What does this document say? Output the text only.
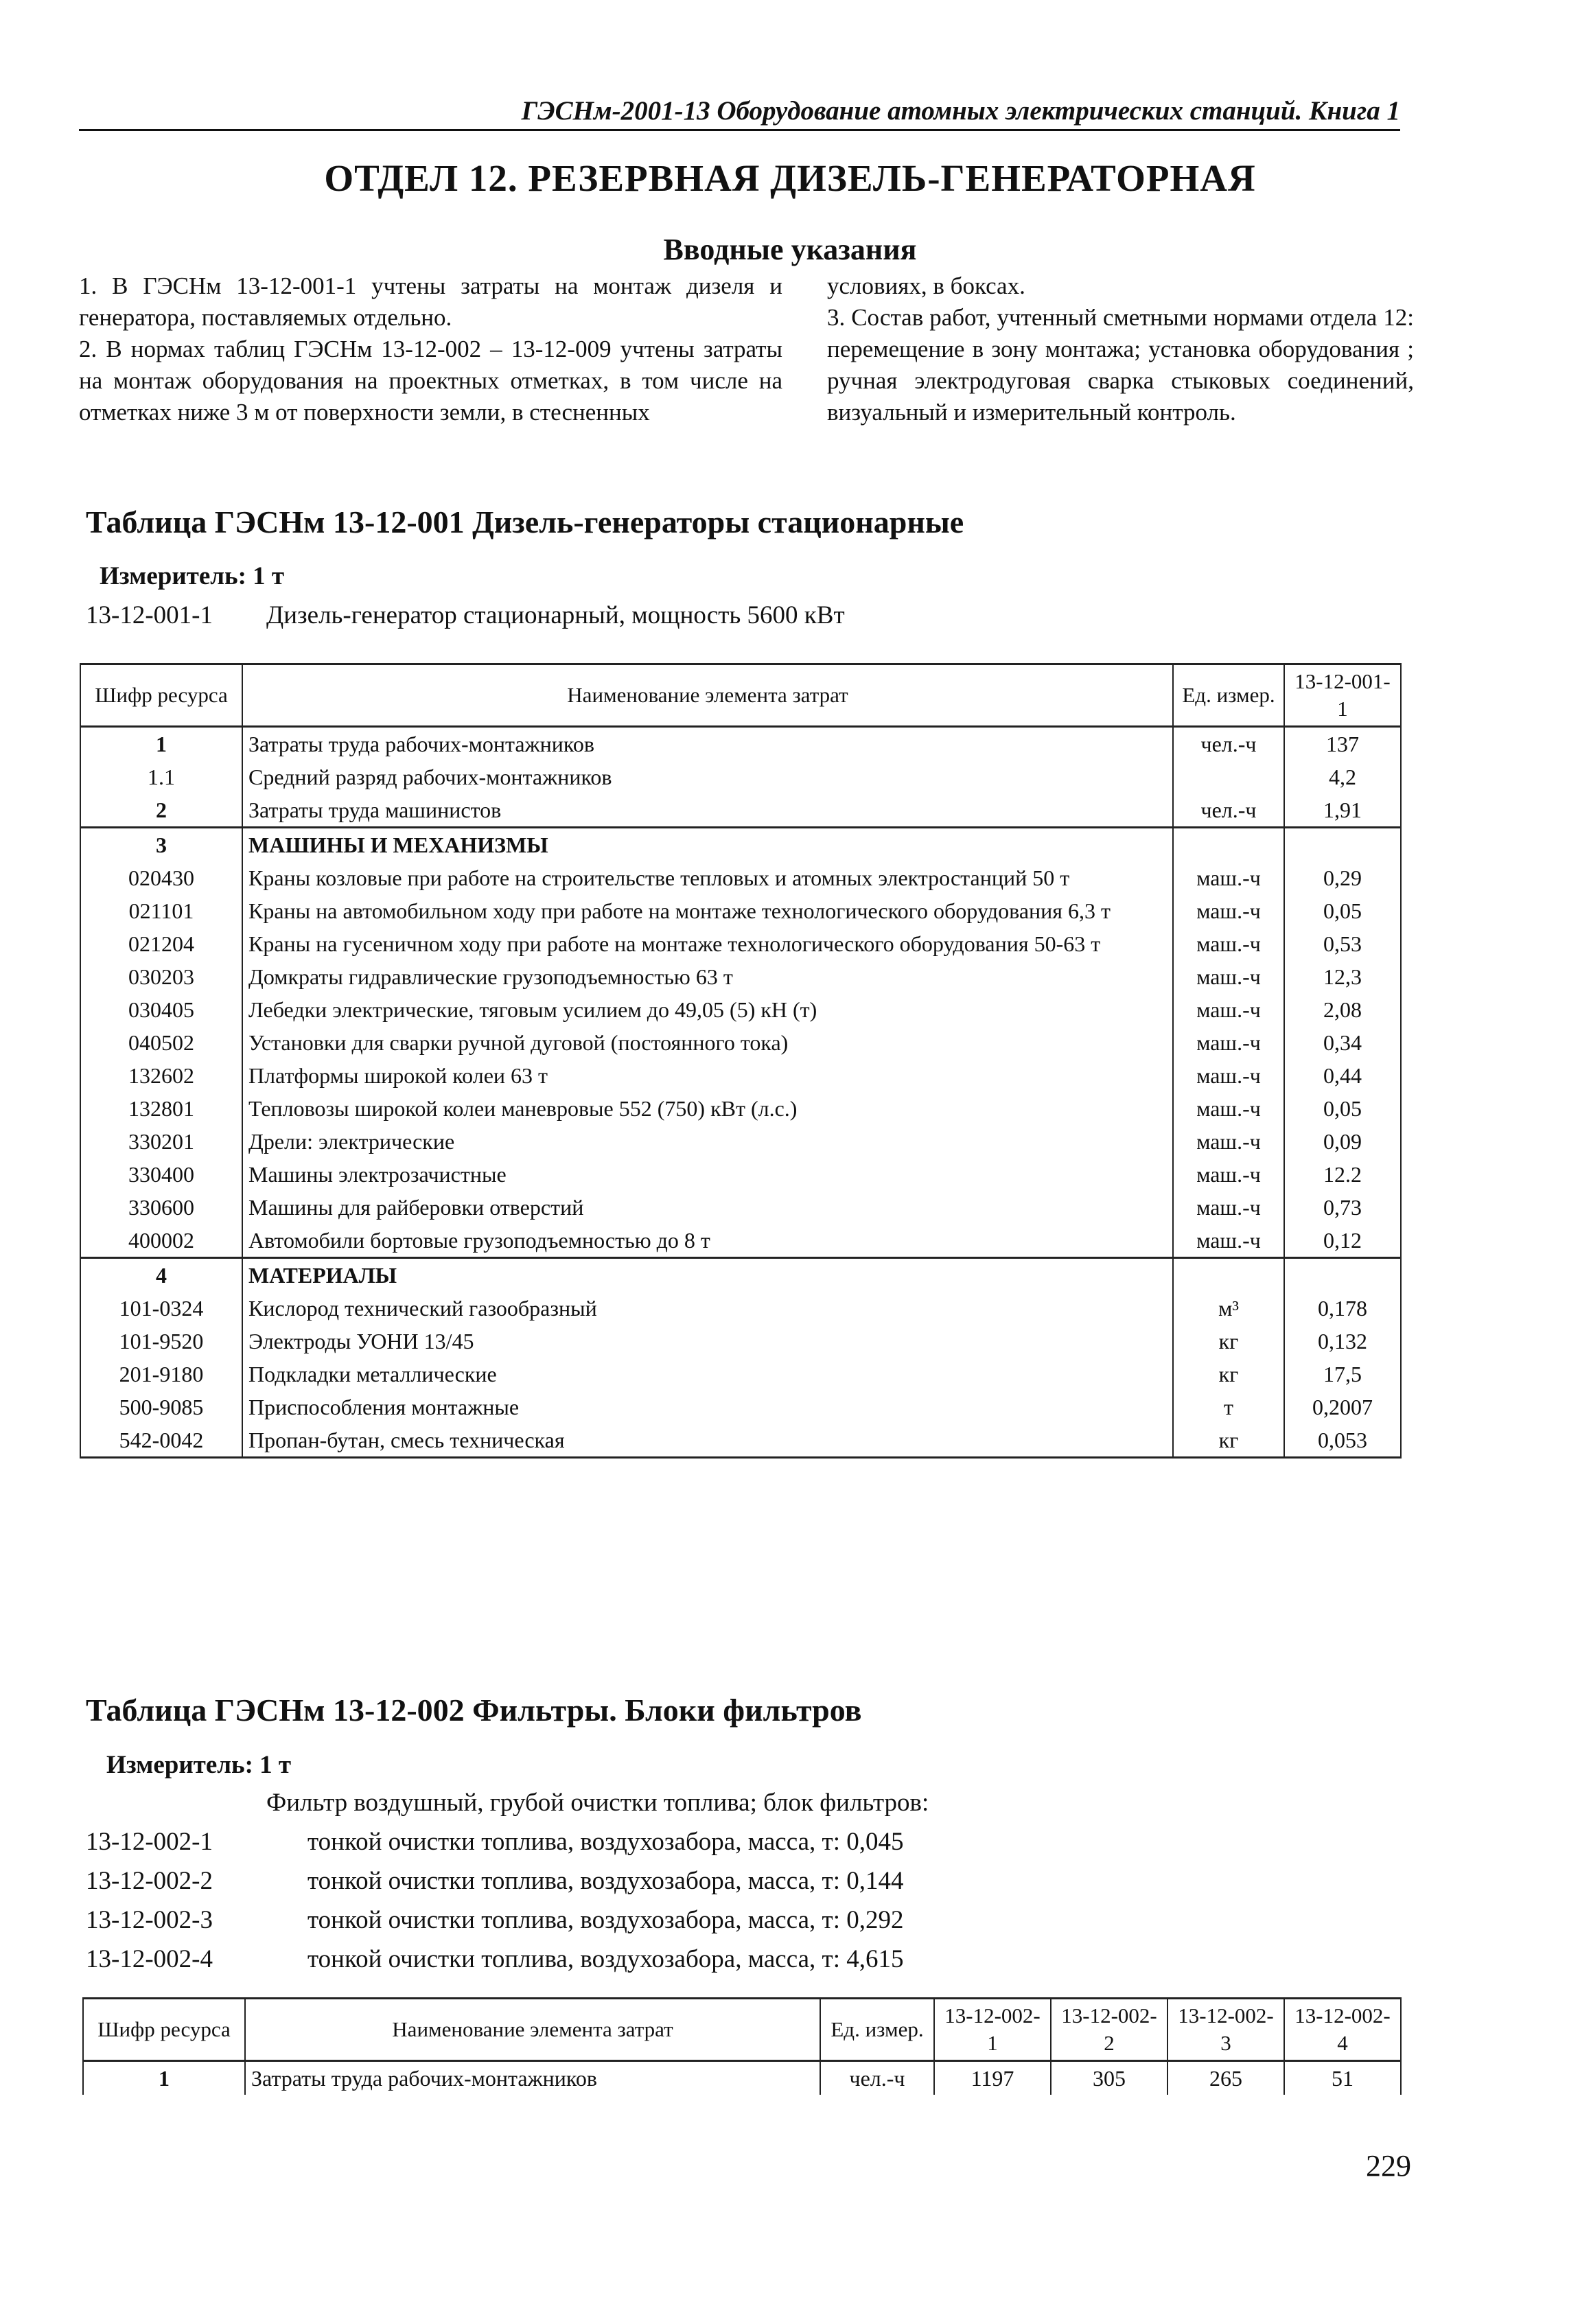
ГЭСНм-2001-13 Оборудование атомных электрических станций. Книга 1
ОТДЕЛ 12. РЕЗЕРВНАЯ ДИЗЕЛЬ-ГЕНЕРАТОРНАЯ
Вводные указания

1. В ГЭСНм 13-12-001-1 учтены затраты на монтаж дизеля и генератора, поставляемых отдельно.

2. В нормах таблиц ГЭСНм 13-12-002 – 13-12-009 учтены затраты на монтаж оборудования на проектных отметках, в том числе на отметках ниже 3 м от поверхности земли, в стесненных

условиях, в боксах.

3. Состав работ, учтенный сметными нормами отдела 12: перемещение в зону монтажа; установка оборудования ; ручная электродуговая сварка стыковых соединений, визуальный и измерительный контроль.

Таблица ГЭСНм 13-12-001 Дизель-генераторы стационарные
Измеритель: 1 т
13-12-001-1 Дизель-генератор стационарный, мощность 5600 кВт
Шифр ресурса	Наименование элемента затрат	Ед. измер.	13-12-001-1
1	Затраты труда рабочих-монтажников	чел.-ч	137
1.1	Средний разряд рабочих-монтажников		4,2
2	Затраты труда машинистов	чел.-ч	1,91
3	МАШИНЫ И МЕХАНИЗМЫ		
020430	Краны козловые при работе на строительстве тепловых и атомных электростанций 50 т	маш.-ч	0,29
021101	Краны на автомобильном ходу при работе на монтаже технологического оборудования 6,3 т	маш.-ч	0,05
021204	Краны на гусеничном ходу при работе на монтаже технологического оборудования 50-63 т	маш.-ч	0,53
030203	Домкраты гидравлические грузоподъемностью 63 т	маш.-ч	12,3
030405	Лебедки электрические, тяговым усилием до 49,05 (5) кН (т)	маш.-ч	2,08
040502	Установки для сварки ручной дуговой (постоянного тока)	маш.-ч	0,34
132602	Платформы широкой колеи 63 т	маш.-ч	0,44
132801	Тепловозы широкой колеи маневровые 552 (750) кВт (л.с.)	маш.-ч	0,05
330201	Дрели: электрические	маш.-ч	0,09
330400	Машины электрозачистные	маш.-ч	12.2
330600	Машины для райберовки отверстий	маш.-ч	0,73
400002	Автомобили бортовые грузоподъемностью до 8 т	маш.-ч	0,12
4	МАТЕРИАЛЫ		
101-0324	Кислород технический газообразный	м³	0,178
101-9520	Электроды УОНИ 13/45	кг	0,132
201-9180	Подкладки металлические	кг	17,5
500-9085	Приспособления монтажные	т	0,2007
542-0042	Пропан-бутан, смесь техническая	кг	0,053
Таблица ГЭСНм 13-12-002 Фильтры. Блоки фильтров
Измеритель: 1 т
Фильтр воздушный, грубой очистки топлива; блок фильтров:
13-12-002-1	тонкой очистки топлива, воздухозабора, масса, т: 0,045
13-12-002-2	тонкой очистки топлива, воздухозабора, масса, т: 0,144
13-12-002-3	тонкой очистки топлива, воздухозабора, масса, т: 0,292
13-12-002-4	тонкой очистки топлива, воздухозабора, масса, т: 4,615
Шифр ресурса	Наименование элемента затрат	Ед. измер.	13-12-002-1	13-12-002-2	13-12-002-3	13-12-002-4
1	Затраты труда рабочих-монтажников	чел.-ч	1197	305	265	51
229
